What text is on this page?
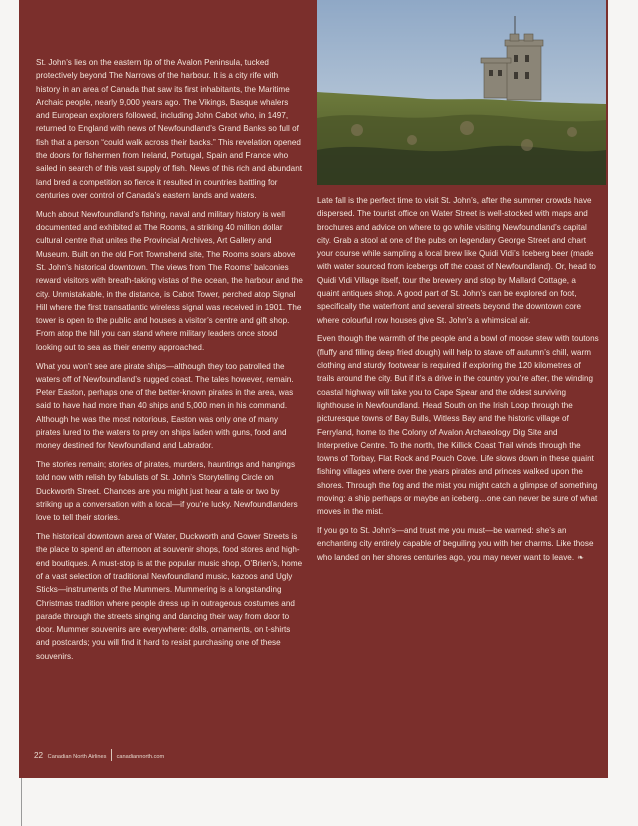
St. John’s lies on the eastern tip of the Avalon Peninsula, tucked protectively beyond The Narrows of the harbour. It is a city rife with history in an area of Canada that saw its first inhabitants, the Maritime Archaic people, nearly 9,000 years ago. The Vikings, Basque whalers and European explorers followed, including John Cabot who, in 1497, returned to England with news of Newfoundland’s Grand Banks so full of fish that a person “could walk across their backs.” This revelation opened the doors for fishermen from Ireland, Portugal, Spain and France who sailed in search of this vast supply of fish. News of this rich and abundant land bred a competition so fierce it resulted in countries battling for centuries over control of Canada’s eastern lands and waters.

Much about Newfoundland’s fishing, naval and military history is well documented and exhibited at The Rooms, a striking 40 million dollar cultural centre that unites the Provincial Archives, Art Gallery and Museum. Built on the old Fort Townshend site, The Rooms soars above St. John’s historical downtown. The views from The Rooms’ balconies reward visitors with breath-taking vistas of the ocean, the harbour and the city. Unmistakable, in the distance, is Cabot Tower, perched atop Signal Hill where the first transatlantic wireless signal was received in 1901. The tower is open to the public and houses a visitor’s centre and gift shop. From atop the hill you can stand where military leaders once stood looking out to sea as their enemy approached.

What you won’t see are pirate ships—although they too patrolled the waters off of Newfoundland’s rugged coast. The tales however, remain. Peter Easton, perhaps one of the better-known pirates in the area, was said to have had more than 40 ships and 5,000 men in his command. Although he was the most notorious, Easton was only one of many pirates lured to the waters to prey on ships laden with guns, food and money destined for Newfoundland and Labrador.

The stories remain; stories of pirates, murders, hauntings and hangings told now with relish by fabulists of St. John’s Storytelling Circle on Duckworth Street. Chances are you might just hear a tale or two by striking up a conversation with a local—if you’re lucky. Newfoundlanders love to tell their stories.

The historical downtown area of Water, Duckworth and Gower Streets is the place to spend an afternoon at souvenir shops, food stores and high-end boutiques. A must-stop is at the popular music shop, O’Brien’s, home of a vast selection of traditional Newfoundland music, kazoos and Ugly Sticks—instruments of the Mummers. Mummering is a longstanding Christmas tradition where people dress up in outrageous costumes and parade through the streets singing and dancing their way from door to door. Mummer souvenirs are everywhere: dolls, ornaments, on t-shirts and postcards; you will find it hard to resist purchasing one of these souvenirs.

Late fall is the perfect time to visit St. John’s, after the summer crowds have dispersed. The tourist office on Water Street is well-stocked with maps and brochures and advice on where to go while visiting Newfoundland’s capital city. Grab a stool at one of the pubs on legendary George Street and chart your course while sampling a local brew like Quidi Vidi’s Iceberg beer (made with water sourced from icebergs off the coast of Newfoundland). Or, head to Quidi Vidi Village itself, tour the brewery and stop by Mallard Cottage, a quaint antiques shop. A good part of St. John’s can be explored on foot, specifically the waterfront and several streets beyond the downtown core where colourful row houses give St. John’s a whimsical air.

Even though the warmth of the people and a bowl of moose stew with toutons (fluffy and filling deep fried dough) will help to stave off autumn’s chill, warm clothing and sturdy footwear is required if exploring the 120 kilometres of trails around the city. But if it’s a drive in the country you’re after, the winding coastal highway will take you to Cape Spear and the oldest surviving lighthouse in Newfoundland. Head South on the Irish Loop through the picturesque towns of Bay Bulls, Witless Bay and the historic village of Ferryland, home to the Colony of Avalon Archaeology Dig Site and Interpretive Centre. To the north, the Killick Coast Trail winds through the towns of Torbay, Flat Rock and Pouch Cove. Life slows down in these quaint fishing villages where over the years pirates and princes walked upon the shores. Through the fog and the mist you might catch a glimpse of something moving: a ship perhaps or maybe an iceberg…one can never be sure of what moves in the mist.

If you go to St. John’s—and trust me you must—be warned: she’s an enchanting city entirely capable of beguiling you with her charms. Like those who landed on her shores centuries ago, you may never want to leave. ❧

22 Canadian North Airlines canadiannorth.com
